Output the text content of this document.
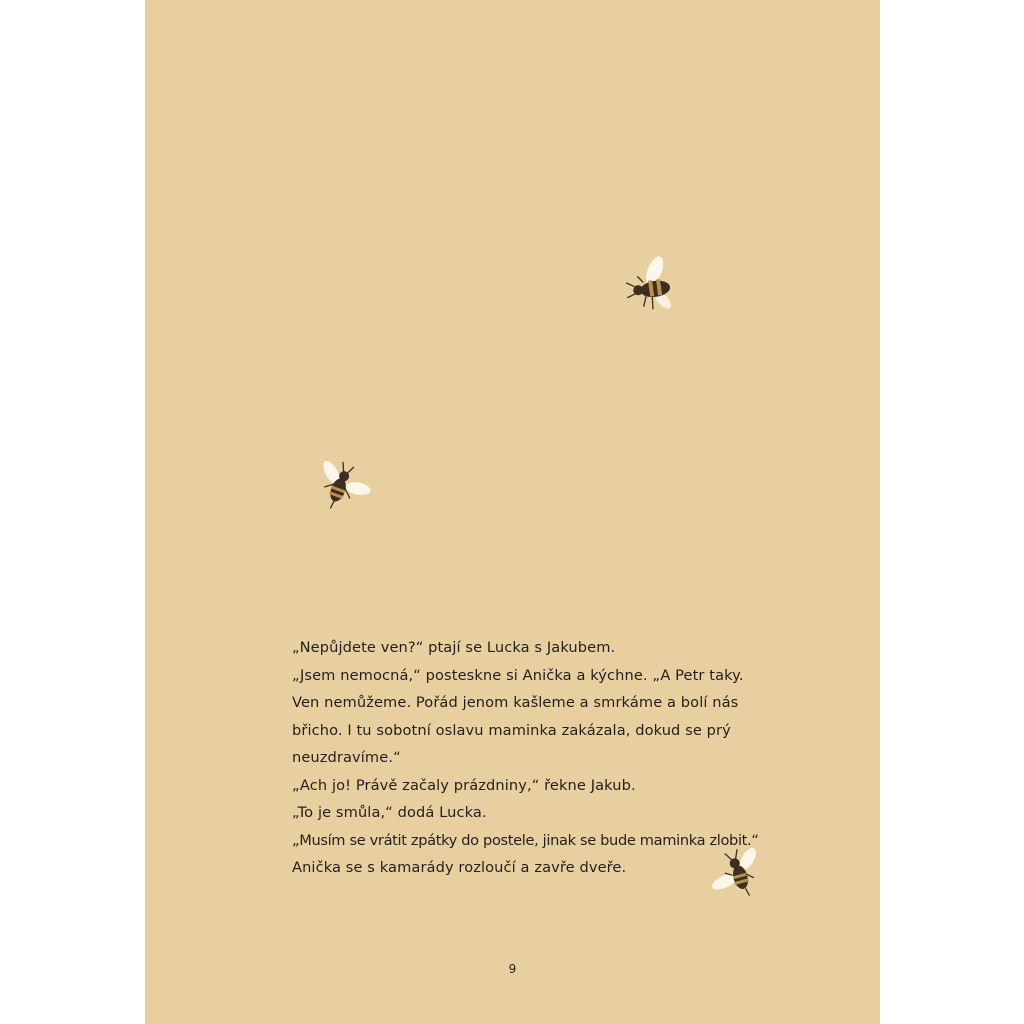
„Nepůjdete ven?“ ptají se Lucka s Jakubem.
„Jsem nemocná,“ posteskne si Anička a kýchne. „A Petr taky.
Ven nemůžeme. Pořád jenom kašleme a smrkáme a bolí nás
břicho. I tu sobotní oslavu maminka zakázala, dokud se prý
neuzdravíme.“
„Ach jo! Právě začaly prázdniny,“ řekne Jakub.
„To je smůla,“ dodá Lucka.
„Musím se vrátit zpátky do postele, jinak se bude maminka zlobit.“
Anička se s kamarády rozloučí a zavře dveře.
9
